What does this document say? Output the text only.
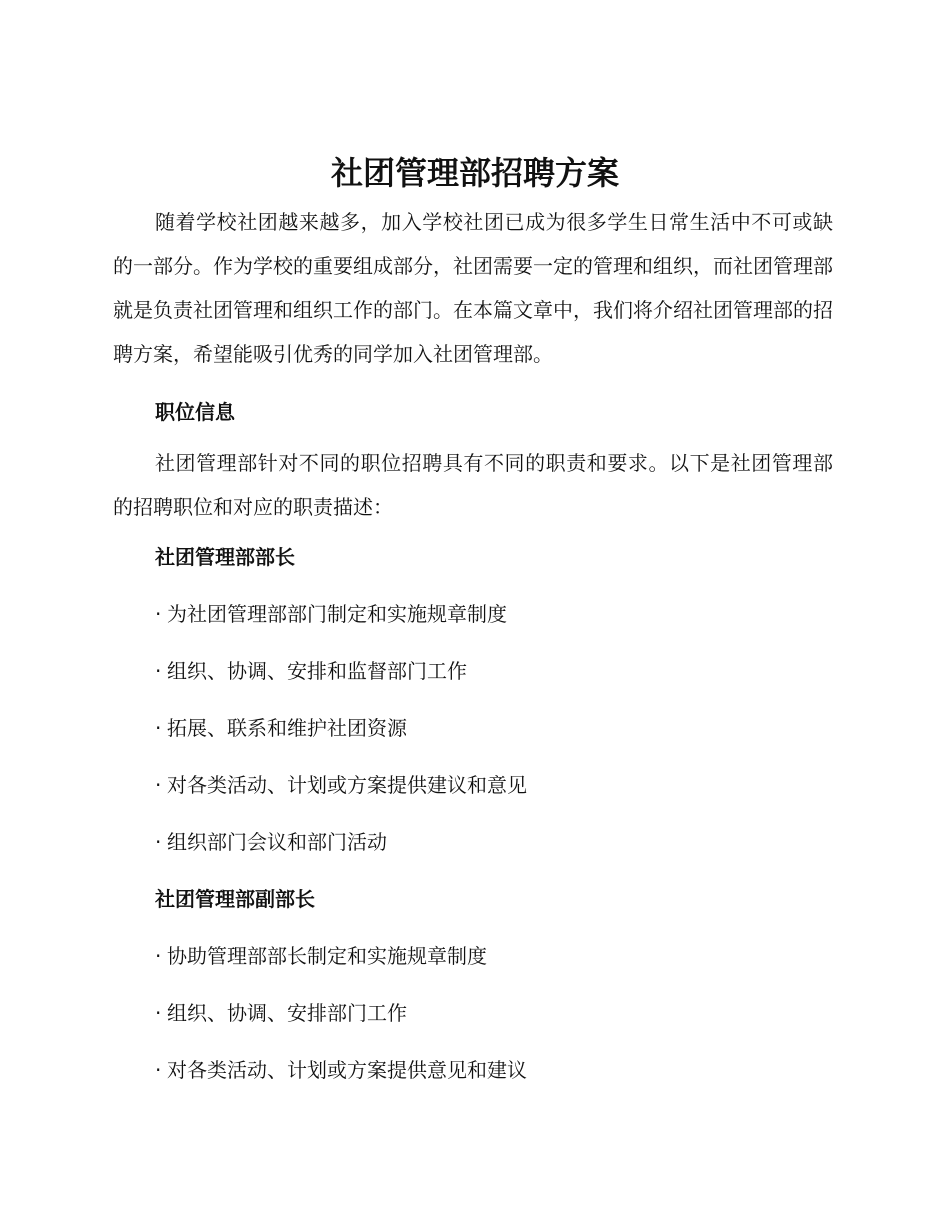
社团管理部招聘方案

随着学校社团越来越多，加入学校社团已成为很多学生日常生活中不可或缺的一部分。作为学校的重要组成部分，社团需要一定的管理和组织，而社团管理部就是负责社团管理和组织工作的部门。在本篇文章中，我们将介绍社团管理部的招聘方案，希望能吸引优秀的同学加入社团管理部。

职位信息

社团管理部针对不同的职位招聘具有不同的职责和要求。以下是社团管理部的招聘职位和对应的职责描述：

社团管理部部长

· 为社团管理部部门制定和实施规章制度

· 组织、协调、安排和监督部门工作

· 拓展、联系和维护社团资源

· 对各类活动、计划或方案提供建议和意见

· 组织部门会议和部门活动

社团管理部副部长

· 协助管理部部长制定和实施规章制度

· 组织、协调、安排部门工作

· 对各类活动、计划或方案提供意见和建议
